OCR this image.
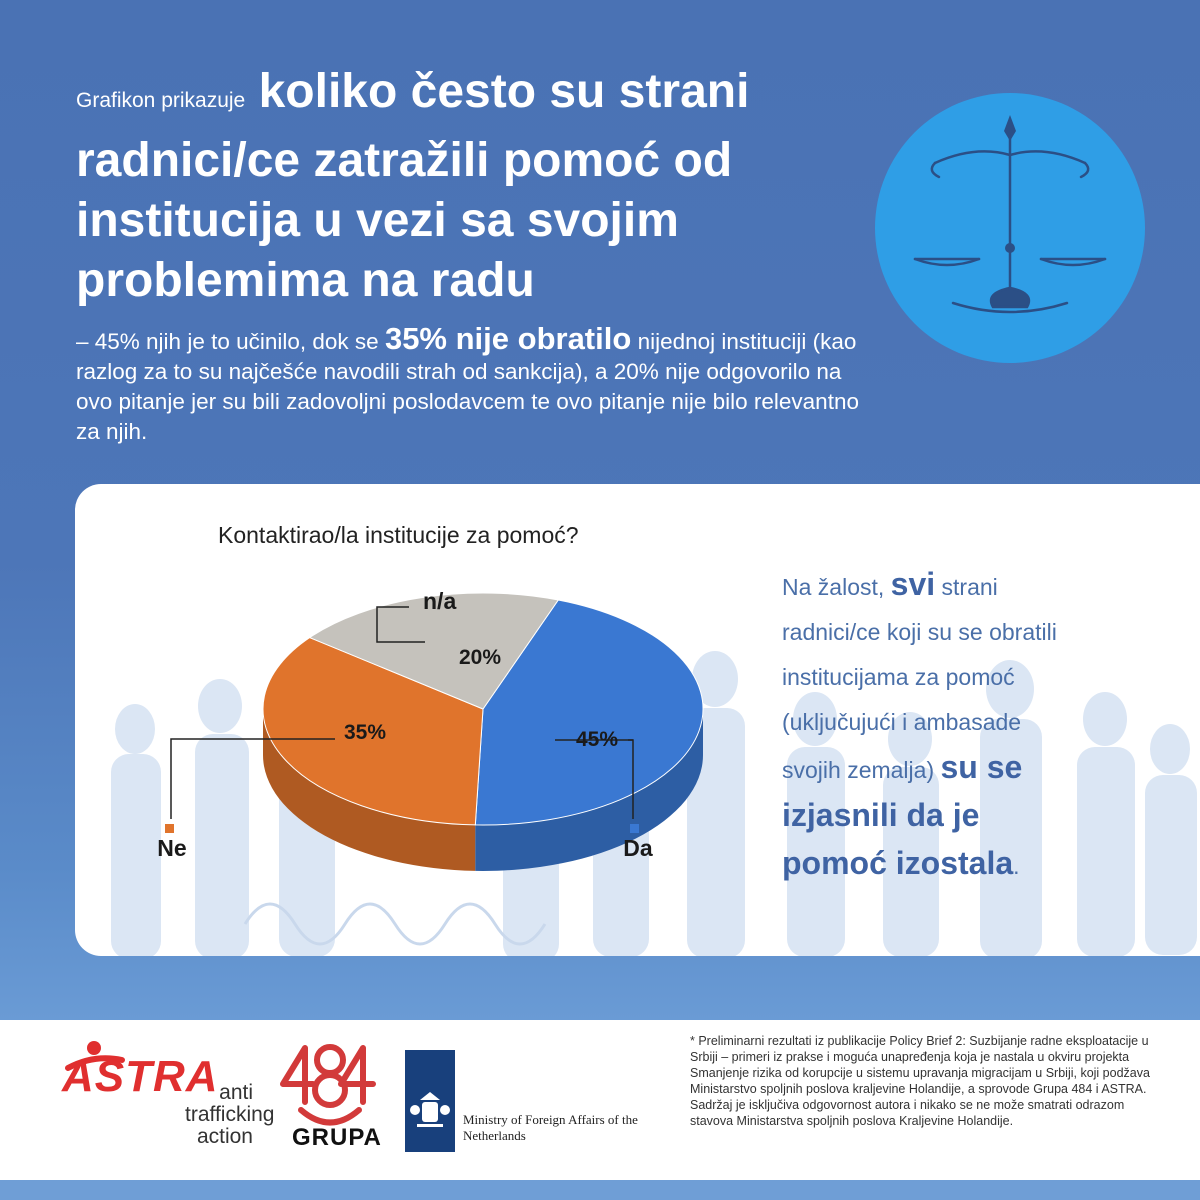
Grafikon prikazuje koliko često su strani radnici/ce zatražili pomoć od institucija u vezi sa svojim problemima na radu

– 45% njih je to učinilo, dok se 35% nije obratilo nijednoj instituciji (kao razlog za to su najčešće navodili strah od sankcija), a 20% nije odgovorilo na ovo pitanje jer su bili zadovoljni poslodavcem te ovo pitanje nije bilo relevantno za njih.

Kontaktirao/la institucije za pomoć?

45%
35%
20%
Da
Ne
n/a

Na žalost, svi strani radnici/ce koji su se obratili institucijama za pomoć (uključujući i ambasade svojih zemalja) su se izjasnili da je pomoć izostala.

ASTRA anti
trafficking
action GRUPA
Ministry of Foreign Affairs of the Netherlands

* Preliminarni rezultati iz publikacije Policy Brief 2: Suzbijanje radne eksploatacije u Srbiji – primeri iz prakse i moguća unapređenja koja je nastala u okviru projekta Smanjenje rizika od korupcije u sistemu upravanja migracijam u Srbiji, koji podžava Ministarstvo spoljnih poslova kraljevine Holandije, a sprovode Grupa 484 i ASTRA. Sadržaj je isključiva odgovornost autora i nikako se ne može smatrati odrazom stavova Ministarstva spoljnih poslova Kraljevine Holandije.
